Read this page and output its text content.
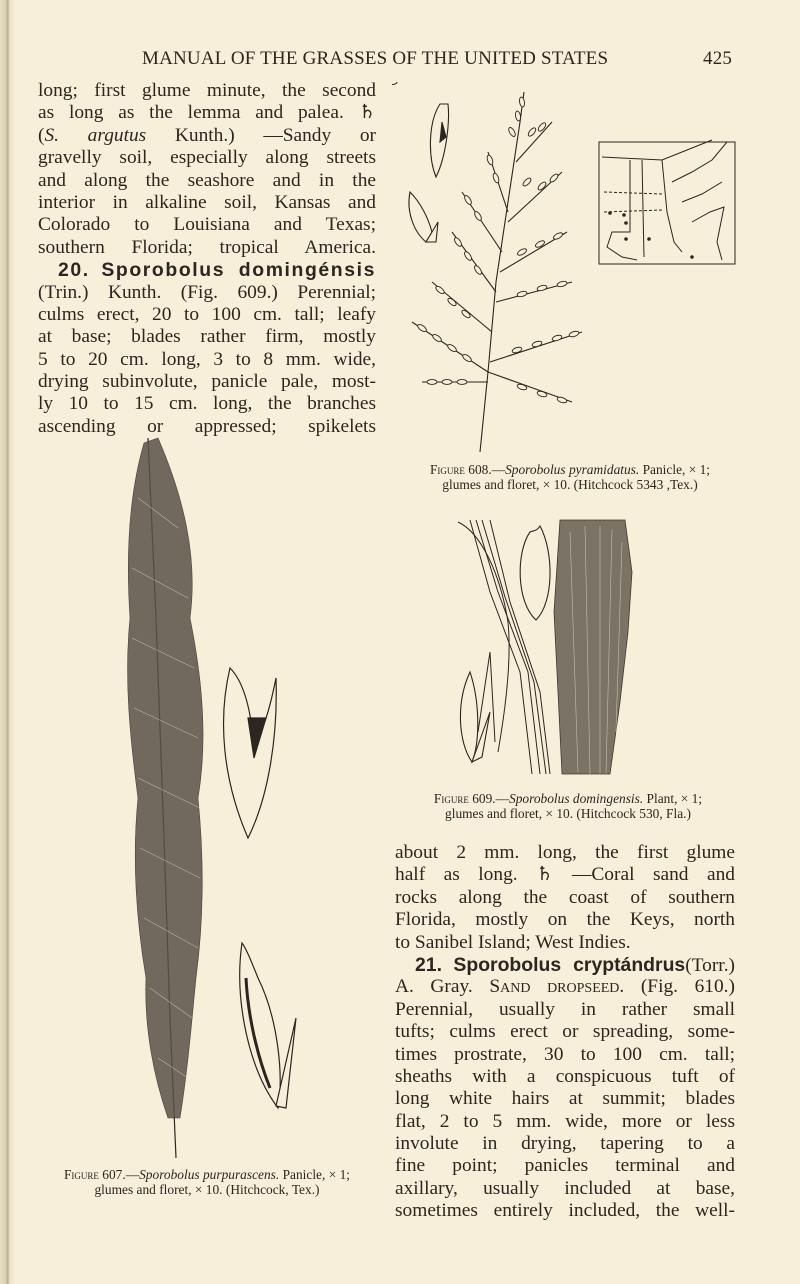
MANUAL OF THE GRASSES OF THE UNITED STATES	425
long; first glume minute, the second
as long as the lemma and palea. ♄
(S. argutus Kunth.) —Sandy or
gravelly soil, especially along streets
and along the seashore and in the
interior in alkaline soil, Kansas and
Colorado to Louisiana and Texas;
southern Florida; tropical America.
20. Sporobolus domingénsis
(Trin.) Kunth. (Fig. 609.) Perennial;
culms erect, 20 to 100 cm. tall; leafy
at base; blades rather firm, mostly
5 to 20 cm. long, 3 to 8 mm. wide,
drying subinvolute, panicle pale, most-
ly 10 to 15 cm. long, the branches
ascending or appressed; spikelets
Figure 608.—Sporobolus pyramidatus. Panicle, × 1;
glumes and floret, × 10. (Hitchcock 5343 ,Tex.)
Figure 609.—Sporobolus domingensis. Plant, × 1;
glumes and floret, × 10. (Hitchcock 530, Fla.)
about 2 mm. long, the first glume
half as long. ♄ —Coral sand and
rocks along the coast of southern
Florida, mostly on the Keys, north
to Sanibel Island; West Indies.
21. Sporobolus cryptándrus(Torr.)
A. Gray. Sand dropseed. (Fig. 610.)
Perennial, usually in rather small
tufts; culms erect or spreading, some-
times prostrate, 30 to 100 cm. tall;
sheaths with a conspicuous tuft of
long white hairs at summit; blades
flat, 2 to 5 mm. wide, more or less
involute in drying, tapering to a
fine point; panicles terminal and
axillary, usually included at base,
sometimes entirely included, the well-
Figure 607.—Sporobolus purpurascens. Panicle, × 1;
glumes and floret, × 10. (Hitchcock, Tex.)
